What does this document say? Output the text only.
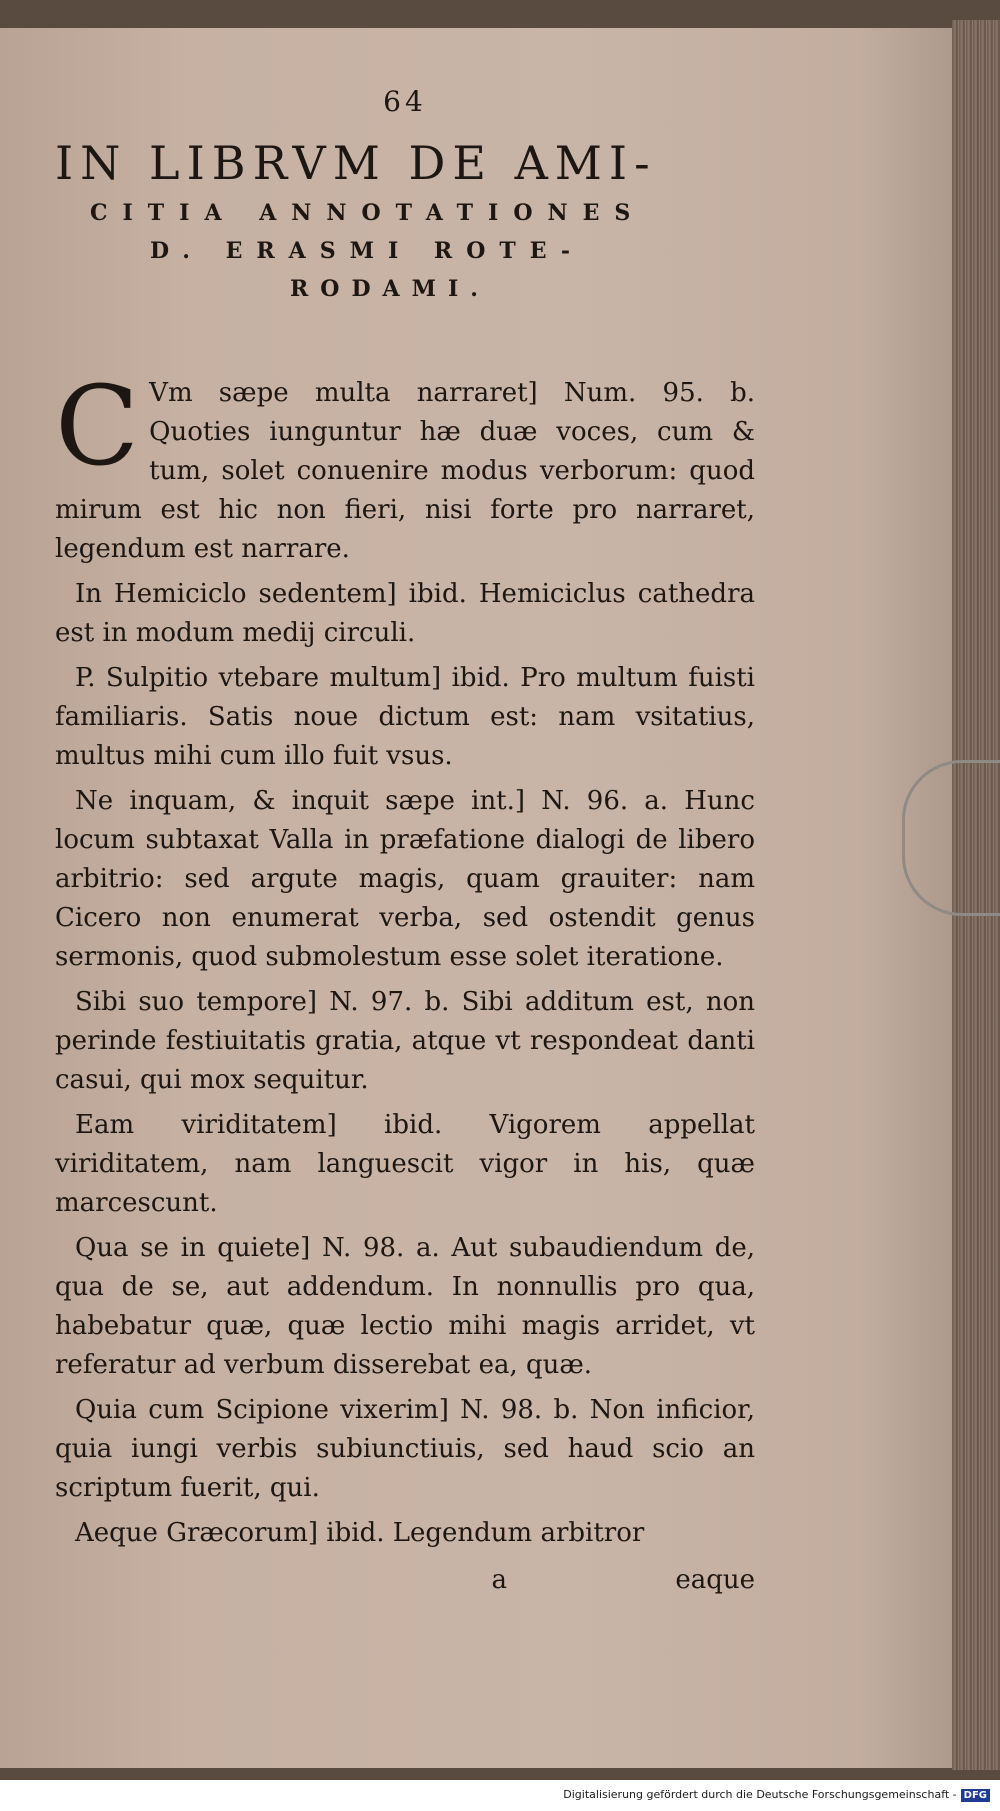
64

IN LIBRVM DE AMI-

CITIA ANNOTATIONES

D. ERASMI ROTE-

RODAMI.

C Vm sæpe multa narraret] Num. 95. b. Quoties iunguntur hæ duæ voces, cum & tum, solet conuenire modus verborum: quod mirum est hic non fieri, nisi forte pro narraret, legendum est narrare.

In Hemiciclo sedentem] ibid. Hemiciclus cathedra est in modum medij circuli.

P. Sulpitio vtebare multum] ibid. Pro multum fuisti familiaris. Satis noue dictum est: nam vsitatius, multus mihi cum illo fuit vsus.

Ne inquam, & inquit sæpe int.] N. 96. a. Hunc locum subtaxat Valla in præfatione dialogi de libero arbitrio: sed argute magis, quam grauiter: nam Cicero non enumerat verba, sed ostendit genus sermonis, quod submolestum esse solet iteratione.

Sibi suo tempore] N. 97. b. Sibi additum est, non perinde festiuitatis gratia, atque vt respondeat danti casui, qui mox sequitur.

Eam viriditatem] ibid. Vigorem appellat viriditatem, nam languescit vigor in his, quæ marcescunt.

Qua se in quiete] N. 98. a. Aut subaudiendum de, qua de se, aut addendum. In nonnullis pro qua, habebatur quæ, quæ lectio mihi magis arridet, vt referatur ad verbum disserebat ea, quæ.

Quia cum Scipione vixerim] N. 98. b. Non inficior, quia iungi verbis subiunctiuis, sed haud scio an scriptum fuerit, qui.

Aeque Græcorum] ibid. Legendum arbitror

a	eaque
Digitalisierung gefördert durch die Deutsche Forschungsgemeinschaft - DFG
